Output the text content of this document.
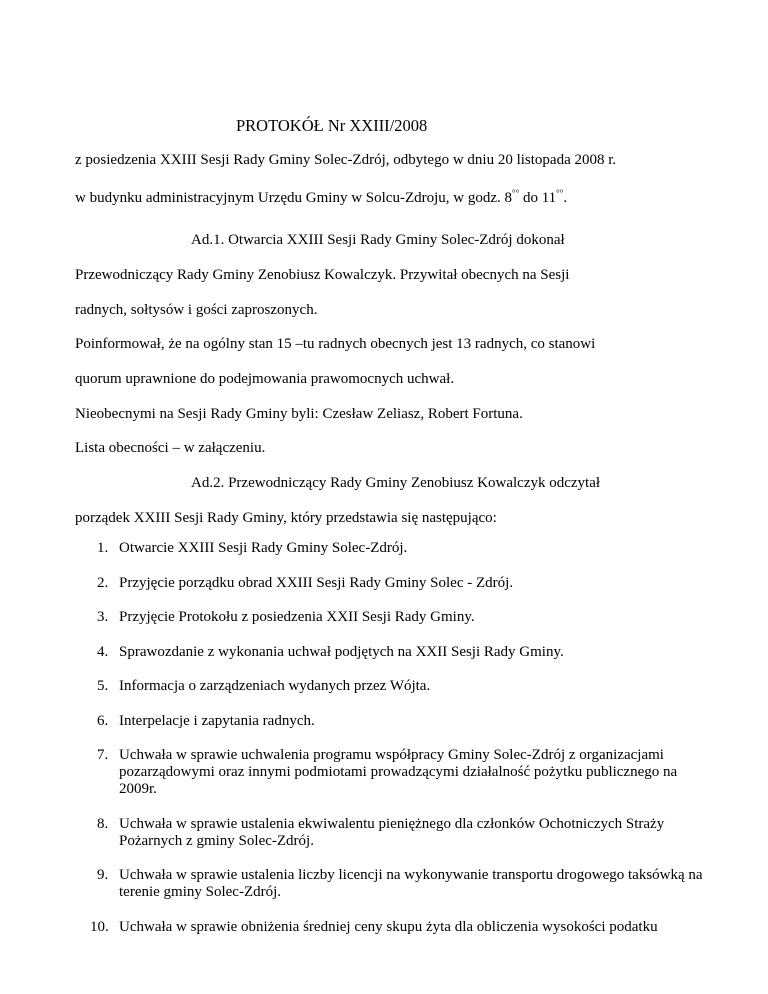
PROTOKÓŁ Nr XXIII/2008
z posiedzenia XXIII Sesji Rady Gminy Solec-Zdrój, odbytego w dniu 20 listopada 2008 r.
w budynku administracyjnym Urzędu Gminy w Solcu-Zdroju, w godz. 8°° do 11°°.
Ad.1. Otwarcia XXIII Sesji Rady Gminy Solec-Zdrój dokonał
Przewodniczący Rady Gminy Zenobiusz Kowalczyk. Przywitał obecnych na Sesji
radnych, sołtysów i gości zaproszonych.
Poinformował, że na ogólny stan 15 –tu radnych obecnych jest 13 radnych, co stanowi
quorum uprawnione do podejmowania prawomocnych uchwał.
Nieobecnymi na Sesji Rady Gminy byli: Czesław Zeliasz, Robert Fortuna.
Lista obecności – w załączeniu.
Ad.2. Przewodniczący Rady Gminy Zenobiusz Kowalczyk odczytał
porządek XXIII Sesji Rady Gminy, który przedstawia się następująco:
1. Otwarcie XXIII Sesji Rady Gminy Solec-Zdrój.
2. Przyjęcie porządku obrad XXIII Sesji Rady Gminy Solec - Zdrój.
3. Przyjęcie Protokołu z posiedzenia XXII Sesji Rady Gminy.
4. Sprawozdanie z wykonania uchwał podjętych na XXII Sesji Rady Gminy.
5. Informacja o zarządzeniach wydanych przez Wójta.
6. Interpelacje i zapytania radnych.
7. Uchwała w sprawie uchwalenia programu współpracy Gminy Solec-Zdrój z organizacjami pozarządowymi oraz innymi podmiotami prowadzącymi działalność pożytku publicznego na 2009r.
8. Uchwała w sprawie ustalenia ekwiwalentu pieniężnego dla członków Ochotniczych Straży Pożarnych z gminy Solec-Zdrój.
9. Uchwała w sprawie ustalenia liczby licencji na wykonywanie transportu drogowego taksówką na terenie gminy Solec-Zdrój.
10. Uchwała w sprawie obniżenia średniej ceny skupu żyta dla obliczenia wysokości podatku
